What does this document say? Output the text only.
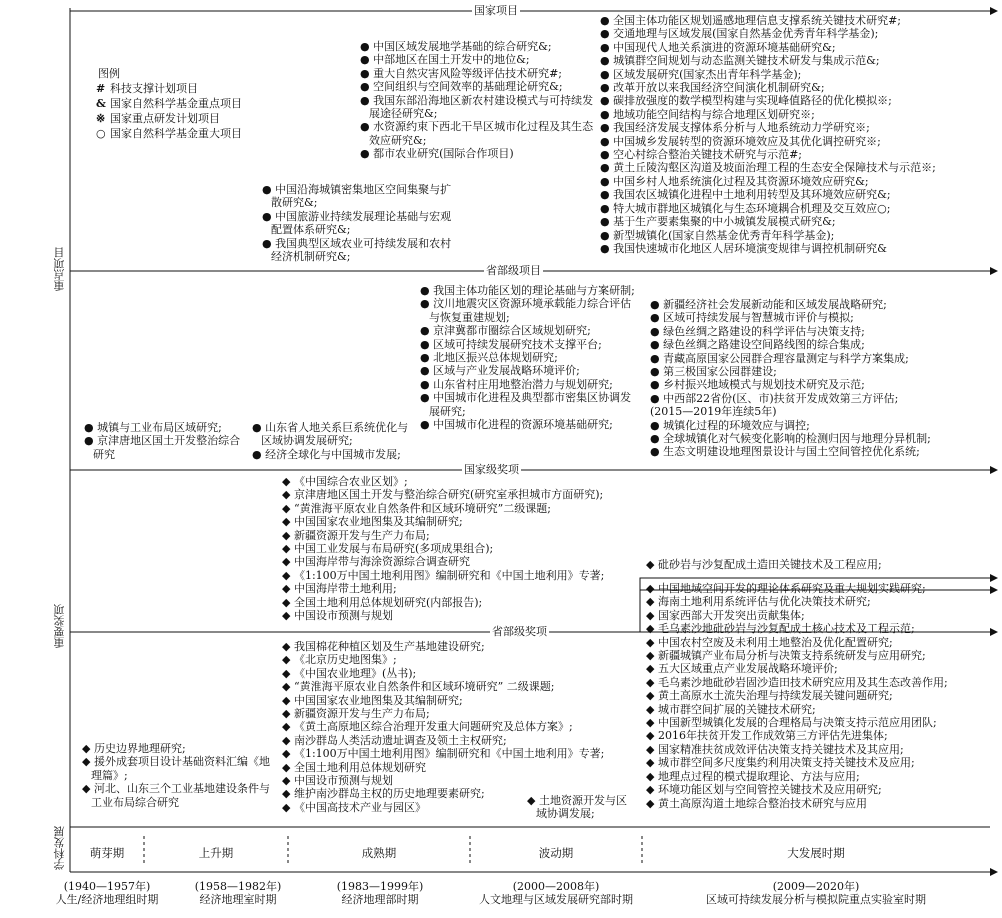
重点项目
重要奖项
学科发展
国家项目
省部级项目
国家级奖项
省部级奖项
图例
# 科技支撑计划项目
& 国家自然科学基金重点项目
※ 国家重点研发计划项目
○ 国家自然科学基金重大项目
● 中国区域发展地学基础的综合研究&;
● 中部地区在国土开发中的地位&;
● 重大自然灾害风险等级评估技术研究#;
● 空间组织与空间效率的基础理论研究&;
● 我国东部沿海地区新农村建设模式与可持续发展途径研究&;
● 水资源约束下西北干旱区城市化过程及其生态效应研究&;
● 都市农业研究(国际合作项目)
● 中国沿海城镇密集地区空间集聚与扩散研究&;
● 中国旅游业持续发展理论基础与宏观配置体系研究&;
● 我国典型区域农业可持续发展和农村经济机制研究&;
● 全国主体功能区规划遥感地理信息支撑系统关键技术研究#;
● 交通地理与区域发展(国家自然基金优秀青年科学基金);
● 中国现代人地关系演进的资源环境基础研究&;
● 城镇群空间规划与动态监测关键技术研发与集成示范&;
● 区域发展研究(国家杰出青年科学基金);
● 改革开放以来我国经济空间演化机制研究&;
● 碳排放强度的数学模型构建与实现峰值路径的优化模拟※;
● 地域功能空间结构与综合地理区划研究※;
● 我国经济发展支撑体系分析与人地系统动力学研究※;
● 中国城乡发展转型的资源环境效应及其优化调控研究※;
● 空心村综合整治关键技术研究与示范#;
● 黄土丘陵沟壑区沟道及坡面治理工程的生态安全保障技术与示范※;
● 中国乡村人地系统演化过程及其资源环境效应研究&;
● 我国农区城镇化进程中土地利用转型及其环境效应研究&;
● 特大城市群地区城镇化与生态环境耦合机理及交互效应○;
● 基于生产要素集聚的中小城镇发展模式研究&;
● 新型城镇化(国家自然基金优秀青年科学基金);
● 我国快速城市化地区人居环境演变规律与调控机制研究&
● 城镇与工业布局区域研究;
● 京津唐地区国土开发整治综合研究
● 山东省人地关系巨系统优化与区域协调发展研究;
● 经济全球化与中国城市发展;
● 我国主体功能区划的理论基础与方案研制;
● 汶川地震灾区资源环境承载能力综合评估与恢复重建规划;
● 京津冀都市圈综合区域规划研究;
● 区域可持续发展研究技术支撑平台;
● 北地区振兴总体规划研究;
● 区域与产业发展战略环境评价;
● 山东省村庄用地整治潜力与规划研究;
● 中国城市化进程及典型都市密集区协调发展研究;
● 中国城市化进程的资源环境基础研究;
● 新疆经济社会发展新动能和区域发展战略研究;
● 区域可持续发展与智慧城市评价与模拟;
● 绿色丝绸之路建设的科学评估与决策支持;
● 绿色丝绸之路建设空间路线图的综合集成;
● 青藏高原国家公园群合理容量测定与科学方案集成;
● 第三极国家公园群建设;
● 乡村振兴地域模式与规划技术研究及示范;
● 中西部22省份(区、市)扶贫开发成效第三方评估;
(2015—2019年连续5年)
● 城镇化过程的环境效应与调控;
● 全球城镇化对气候变化影响的检测归因与地理分异机制;
● 生态文明建设地理图景设计与国土空间管控优化系统;
◆ 《中国综合农业区划》;
◆ 京津唐地区国土开发与整治综合研究(研究室承担城市方面研究);
◆ “黄淮海平原农业自然条件和区域环境研究”二级课题;
◆ 中国国家农业地图集及其编制研究;
◆ 新疆资源开发与生产力布局;
◆ 中国工业发展与布局研究(多项成果组合);
◆ 中国海岸带与海涂资源综合调查研究
◆ 《1:100万中国土地利用图》编制研究和《中国土地利用》专著;
◆ 中国海岸带土地利用;
◆ 全国土地利用总体规划研究(内部报告);
◆ 中国设市预测与规划
◆ 砒砂岩与沙复配成土造田关键技术及工程应用;
◆ 历史边界地理研究;
◆ 援外成套项目设计基础资料汇编《地理篇》;
◆ 河北、山东三个工业基地建设条件与工业布局综合研究
◆ 我国棉花种植区划及生产基地建设研究;
◆ 《北京历史地图集》;
◆ 《中国农业地理》(丛书);
◆ “黄淮海平原农业自然条件和区域环境研究” 二级课题;
◆ 中国国家农业地图集及其编制研究;
◆ 新疆资源开发与生产力布局;
◆ 《黄土高原地区综合治理开发重大问题研究及总体方案》;
◆ 南沙群岛人类活动遗址调查及领土主权研究;
◆ 《1:100万中国土地利用图》编制研究和《中国土地利用》专著;
◆ 全国土地利用总体规划研究
◆ 中国设市预测与规划
◆ 维护南沙群岛主权的历史地理要素研究;
◆ 《中国高技术产业与园区》
◆ 土地资源开发与区域协调发展;
◆ 中国地域空间开发的理论体系研究及重大规划实践研究;
◆ 海南土地利用系统评估与优化决策技术研究;
◆ 国家西部大开发突出贡献集体;
◆ 毛乌素沙地砒砂岩与沙复配成土核心技术及工程示范;
◆ 中国农村空废及未利用土地整治及优化配置研究;
◆ 新疆城镇产业布局分析与决策支持系统研发与应用研究;
◆ 五大区域重点产业发展战略环境评价;
◆ 毛乌素沙地砒砂岩固沙造田技术研究应用及其生态改善作用;
◆ 黄土高原水土流失治理与持续发展关键问题研究;
◆ 城市群空间扩展的关键技术研究;
◆ 中国新型城镇化发展的合理格局与决策支持示范应用团队;
◆ 2016年扶贫开发工作成效第三方评估先进集体;
◆ 国家精准扶贫成效评估决策支持关键技术及其应用;
◆ 城市群空间多尺度集约利用决策支持关键技术及应用;
◆ 地理点过程的模式提取理论、方法与应用;
◆ 环境功能区划与空间管控关键技术及应用研究;
◆ 黄土高原沟道土地综合整治技术研究与应用
萌芽期	上升期	成熟期	波动期	大发展时期
(1940—1957年)
人生/经济地理组时期
(1958—1982年)
经济地理室时期
(1983—1999年)
经济地理部时期
(2000—2008年)
人文地理与区域发展研究部时期
(2009—2020年)
区域可持续发展分析与模拟院重点实验室时期
